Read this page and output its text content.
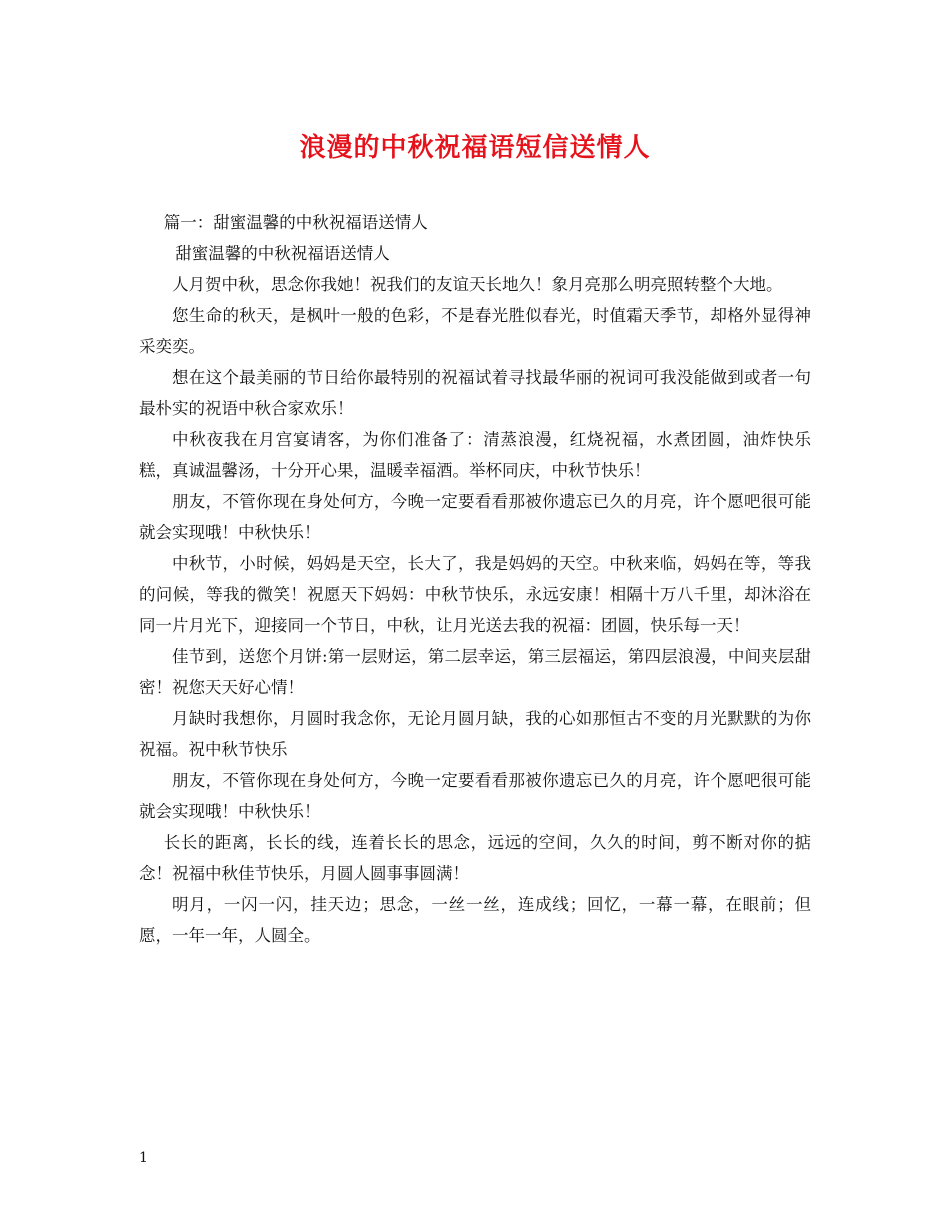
浪漫的中秋祝福语短信送情人

篇一：甜蜜温馨的中秋祝福语送情人

甜蜜温馨的中秋祝福语送情人

人月贺中秋，思念你我她！祝我们的友谊天长地久！象月亮那么明亮照转整个大地。

您生命的秋天，是枫叶一般的色彩，不是春光胜似春光，时值霜天季节，却格外显得神采奕奕。

想在这个最美丽的节日给你最特别的祝福试着寻找最华丽的祝词可我没能做到或者一句最朴实的祝语中秋合家欢乐！

中秋夜我在月宫宴请客，为你们准备了：清蒸浪漫，红烧祝福，水煮团圆，油炸快乐糕，真诚温馨汤，十分开心果，温暖幸福酒。举杯同庆，中秋节快乐！

朋友，不管你现在身处何方，今晚一定要看看那被你遗忘已久的月亮，许个愿吧很可能就会实现哦！中秋快乐！

中秋节，小时候，妈妈是天空，长大了，我是妈妈的天空。中秋来临，妈妈在等，等我的问候，等我的微笑！祝愿天下妈妈：中秋节快乐，永远安康！相隔十万八千里，却沐浴在同一片月光下，迎接同一个节日，中秋，让月光送去我的祝福：团圆，快乐每一天！

佳节到，送您个月饼:第一层财运，第二层幸运，第三层福运，第四层浪漫，中间夹层甜密！祝您天天好心情！

月缺时我想你，月圆时我念你，无论月圆月缺，我的心如那恒古不变的月光默默的为你祝福。祝中秋节快乐

朋友，不管你现在身处何方，今晚一定要看看那被你遗忘已久的月亮，许个愿吧很可能就会实现哦！中秋快乐！

长长的距离，长长的线，连着长长的思念，远远的空间，久久的时间，剪不断对你的掂念！祝福中秋佳节快乐，月圆人圆事事圆满！

明月，一闪一闪，挂天边；思念，一丝一丝，连成线；回忆，一幕一幕，在眼前；但愿，一年一年，人圆全。

1
